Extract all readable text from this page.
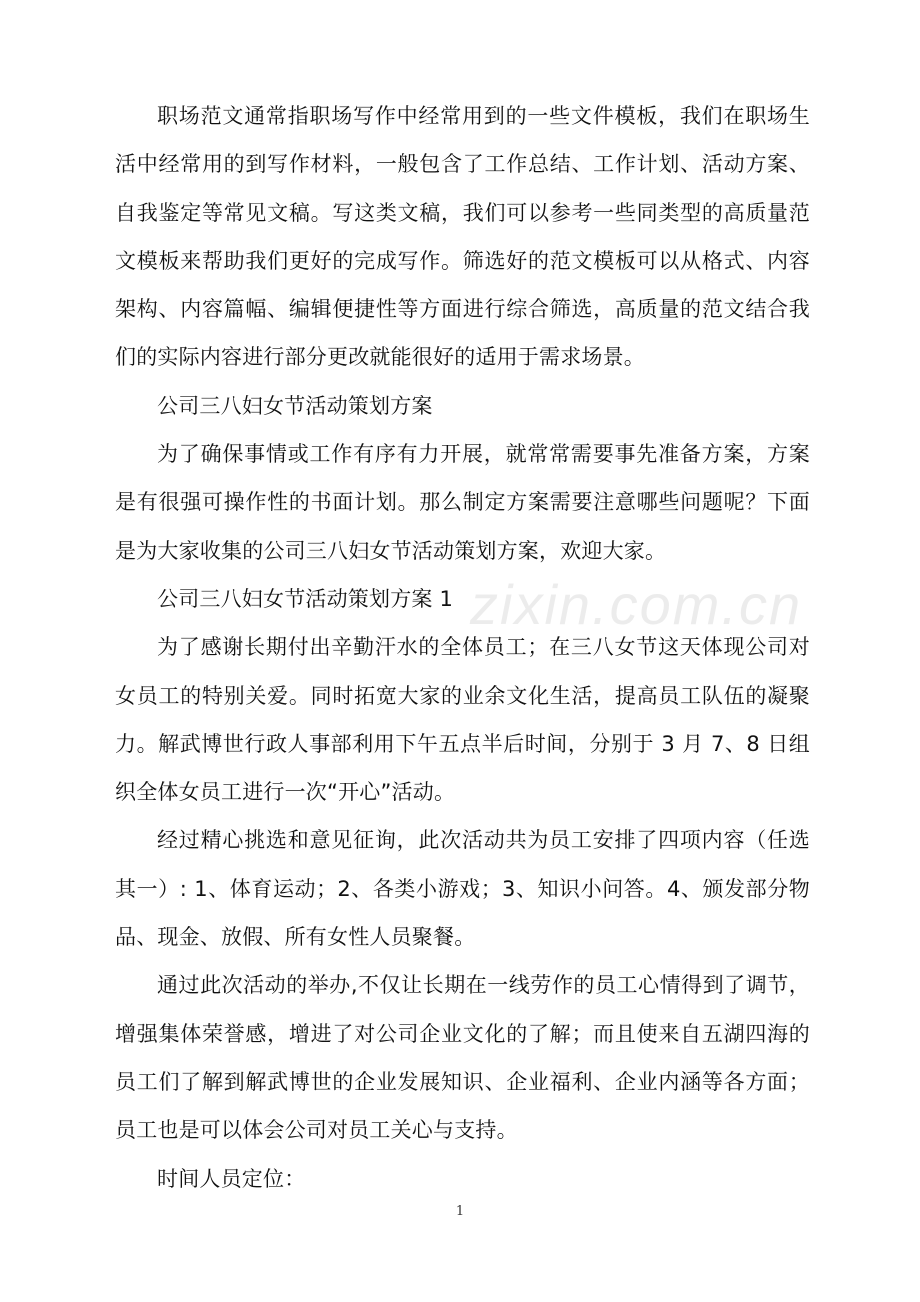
职场范文通常指职场写作中经常用到的一些文件模板，我们在职场生活中经常用的到写作材料，一般包含了工作总结、工作计划、活动方案、自我鉴定等常见文稿。写这类文稿，我们可以参考一些同类型的高质量范文模板来帮助我们更好的完成写作。筛选好的范文模板可以从格式、内容架构、内容篇幅、编辑便捷性等方面进行综合筛选，高质量的范文结合我们的实际内容进行部分更改就能很好的适用于需求场景。

公司三八妇女节活动策划方案

为了确保事情或工作有序有力开展，就常常需要事先准备方案，方案是有很强可操作性的书面计划。那么制定方案需要注意哪些问题呢？下面是为大家收集的公司三八妇女节活动策划方案，欢迎大家。

公司三八妇女节活动策划方案 1

为了感谢长期付出辛勤汗水的全体员工；在三八女节这天体现公司对女员工的特别关爱。同时拓宽大家的业余文化生活，提高员工队伍的凝聚力。解武博世行政人事部利用下午五点半后时间，分别于 3 月 7、8 日组织全体女员工进行一次“开心”活动。

经过精心挑选和意见征询，此次活动共为员工安排了四项内容（任选其一）: 1、体育运动；2、各类小游戏；3、知识小问答。4、颁发部分物品、现金、放假、所有女性人员聚餐。

通过此次活动的举办,不仅让长期在一线劳作的员工心情得到了调节，增强集体荣誉感，增进了对公司企业文化的了解；而且使来自五湖四海的员工们了解到解武博世的企业发展知识、企业福利、企业内涵等各方面；员工也是可以体会公司对员工关心与支持。

时间人员定位：

zixin.com.cn
1
